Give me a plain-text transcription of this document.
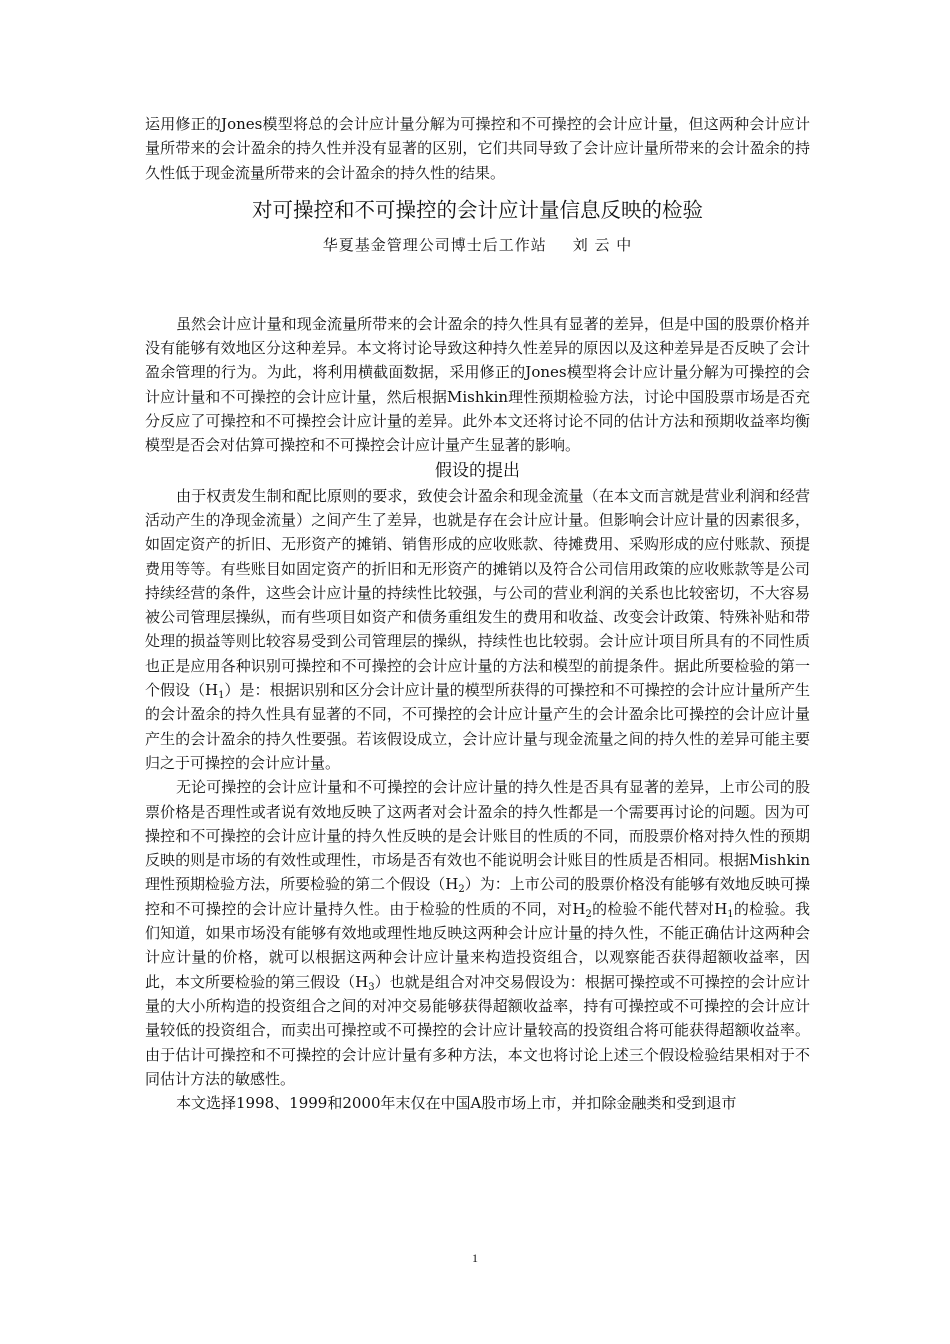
运用修正的Jones模型将总的会计应计量分解为可操控和不可操控的会计应计量，但这两种会计应计量所带来的会计盈余的持久性并没有显著的区别，它们共同导致了会计应计量所带来的会计盈余的持久性低于现金流量所带来的会计盈余的持久性的结果。

对可操控和不可操控的会计应计量信息反映的检验
华夏基金管理公司博士后工作站 刘 云 中

虽然会计应计量和现金流量所带来的会计盈余的持久性具有显著的差异，但是中国的股票价格并没有能够有效地区分这种差异。本文将讨论导致这种持久性差异的原因以及这种差异是否反映了会计盈余管理的行为。为此，将利用横截面数据，采用修正的Jones模型将会计应计量分解为可操控的会计应计量和不可操控的会计应计量，然后根据Mishkin理性预期检验方法，讨论中国股票市场是否充分反应了可操控和不可操控会计应计量的差异。此外本文还将讨论不同的估计方法和预期收益率均衡模型是否会对估算可操控和不可操控会计应计量产生显著的影响。

假设的提出

由于权责发生制和配比原则的要求，致使会计盈余和现金流量（在本文而言就是营业利润和经营活动产生的净现金流量）之间产生了差异，也就是存在会计应计量。但影响会计应计量的因素很多，如固定资产的折旧、无形资产的摊销、销售形成的应收账款、待摊费用、采购形成的应付账款、预提费用等等。有些账目如固定资产的折旧和无形资产的摊销以及符合公司信用政策的应收账款等是公司持续经营的条件，这些会计应计量的持续性比较强，与公司的营业利润的关系也比较密切，不大容易被公司管理层操纵，而有些项目如资产和债务重组发生的费用和收益、改变会计政策、特殊补贴和带处理的损益等则比较容易受到公司管理层的操纵，持续性也比较弱。会计应计项目所具有的不同性质也正是应用各种识别可操控和不可操控的会计应计量的方法和模型的前提条件。据此所要检验的第一个假设$(H_1)$是：根据识别和区分会计应计量的模型所获得的可操控和不可操控的会计应计量所产生的会计盈余的持久性具有显著的不同，不可操控的会计应计量产生的会计盈余比可操控的会计应计量产生的会计盈余的持久性要强。若该假设成立，会计应计量与现金流量之间的持久性的差异可能主要归之于可操控的会计应计量。

无论可操控的会计应计量和不可操控的会计应计量的持久性是否具有显著的差异，上市公司的股票价格是否理性或者说有效地反映了这两者对会计盈余的持久性都是一个需要再讨论的问题。因为可操控和不可操控的会计应计量的持久性反映的是会计账目的性质的不同，而股票价格对持久性的预期反映的则是市场的有效性或理性，市场是否有效也不能说明会计账目的性质是否相同。根据Mishkin理性预期检验方法，所要检验的第二个假设$(H_2)$为：上市公司的股票价格没有能够有效地反映可操控和不可操控的会计应计量持久性。由于检验的性质的不同，对$H_2$的检验不能代替对$H_1$的检验。我们知道，如果市场没有能够有效地或理性地反映这两种会计应计量的持久性，不能正确估计这两种会计应计量的价格，就可以根据这两种会计应计量来构造投资组合，以观察能否获得超额收益率，因此，本文所要检验的第三假设$(H_3)$也就是组合对冲交易假设为：根据可操控或不可操控的会计应计量的大小所构造的投资组合之间的对冲交易能够获得超额收益率，持有可操控或不可操控的会计应计量较低的投资组合，而卖出可操控或不可操控的会计应计量较高的投资组合将可能获得超额收益率。由于估计可操控和不可操控的会计应计量有多种方法，本文也将讨论上述三个假设检验结果相对于不同估计方法的敏感性。

本文选择1998、1999和2000年末仅在中国A股市场上市，并扣除金融类和受到退市

1
